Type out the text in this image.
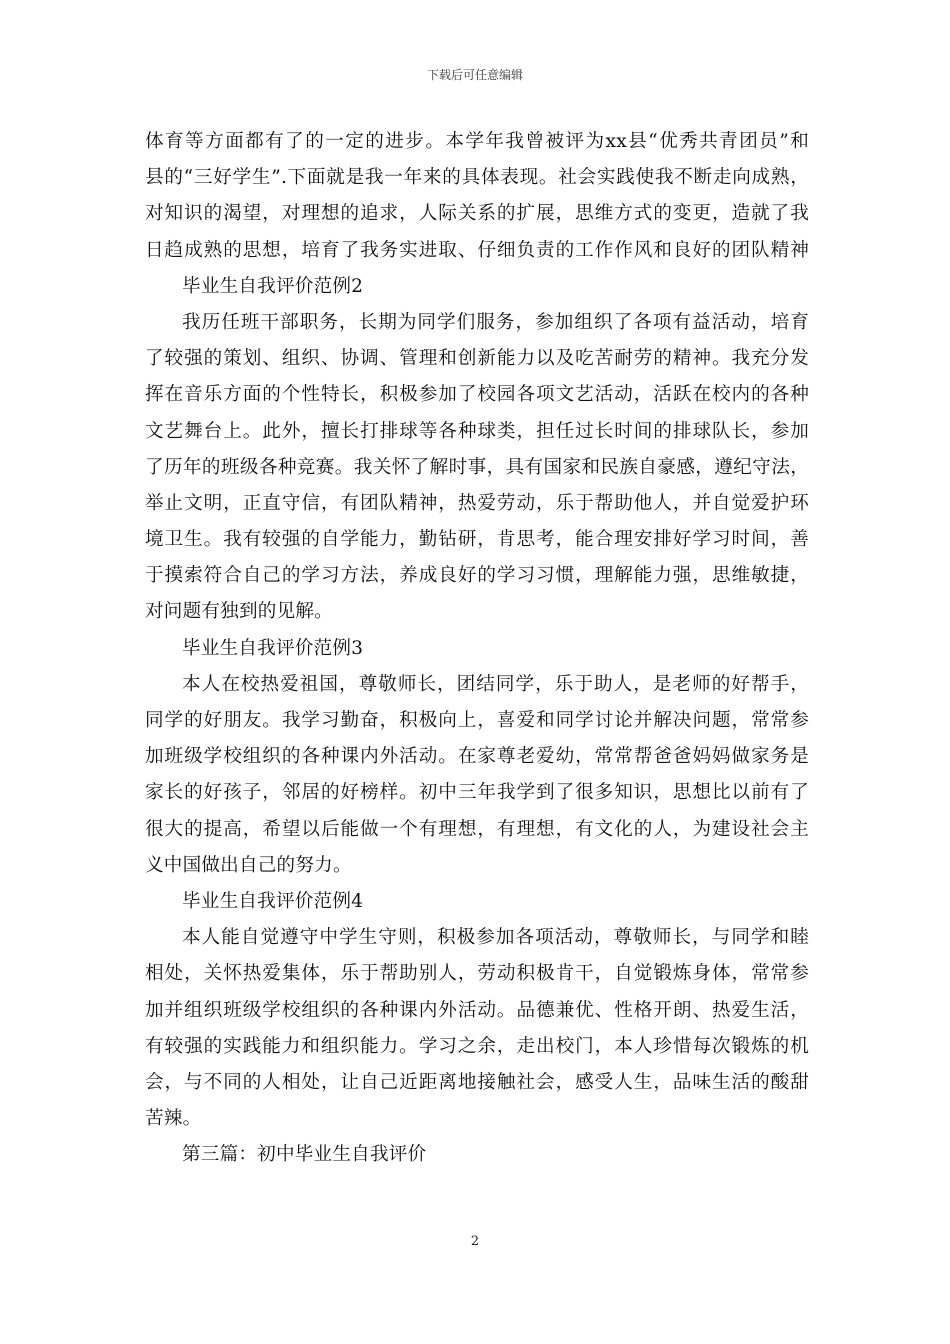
下载后可任意编辑
体育等方面都有了的一定的进步。本学年我曾被评为xx县“优秀共青团员”和
县的“三好学生”.下面就是我一年来的具体表现。社会实践使我不断走向成熟，
对知识的渴望，对理想的追求，人际关系的扩展，思维方式的变更，造就了我
日趋成熟的思想，培育了我务实进取、仔细负责的工作作风和良好的团队精神
毕业生自我评价范例2
我历任班干部职务，长期为同学们服务，参加组织了各项有益活动，培育
了较强的策划、组织、协调、管理和创新能力以及吃苦耐劳的精神。我充分发
挥在音乐方面的个性特长，积极参加了校园各项文艺活动，活跃在校内的各种
文艺舞台上。此外，擅长打排球等各种球类，担任过长时间的排球队长，参加
了历年的班级各种竞赛。我关怀了解时事，具有国家和民族自豪感，遵纪守法，
举止文明，正直守信，有团队精神，热爱劳动，乐于帮助他人，并自觉爱护环
境卫生。我有较强的自学能力，勤钻研，肯思考，能合理安排好学习时间，善
于摸索符合自己的学习方法，养成良好的学习习惯，理解能力强，思维敏捷，
对问题有独到的见解。
毕业生自我评价范例3
本人在校热爱祖国，尊敬师长，团结同学，乐于助人，是老师的好帮手，
同学的好朋友。我学习勤奋，积极向上，喜爱和同学讨论并解决问题，常常参
加班级学校组织的各种课内外活动。在家尊老爱幼，常常帮爸爸妈妈做家务是
家长的好孩子，邻居的好榜样。初中三年我学到了很多知识，思想比以前有了
很大的提高，希望以后能做一个有理想，有理想，有文化的人，为建设社会主
义中国做出自己的努力。
毕业生自我评价范例4
本人能自觉遵守中学生守则，积极参加各项活动，尊敬师长，与同学和睦
相处，关怀热爱集体，乐于帮助别人，劳动积极肯干，自觉锻炼身体，常常参
加并组织班级学校组织的各种课内外活动。品德兼优、性格开朗、热爱生活，
有较强的实践能力和组织能力。学习之余，走出校门，本人珍惜每次锻炼的机
会，与不同的人相处，让自己近距离地接触社会，感受人生，品味生活的酸甜
苦辣。
第三篇：初中毕业生自我评价
2
